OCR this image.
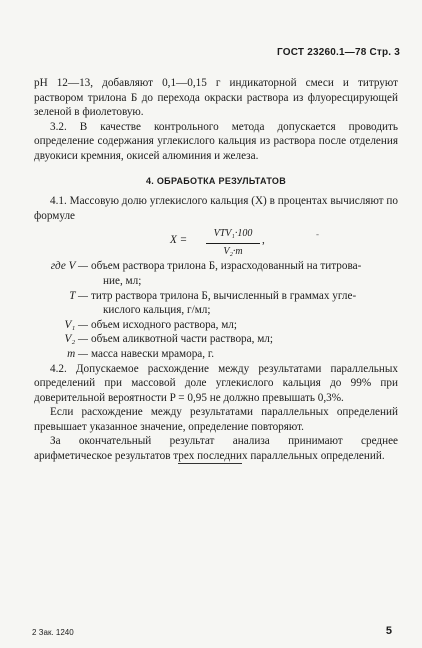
ГОСТ 23260.1—78 Стр. 3

рН 12—13, добавляют 0,1—0,15 г индикаторной смеси и титруют раствором трилона Б до перехода окраски раствора из флуоресцирующей зеленой в фиолетовую.

3.2. В качестве контрольного метода допускается проводить определение содержания углекислого кальция из раствора после отделения двуокиси кремния, окисей алюминия и железа.

4. ОБРАБОТКА РЕЗУЛЬТАТОВ

4.1. Массовую долю углекислого кальция (X) в процентах вычисляют по формуле

X =
VTV₁·100
V₂·m
,	-
где V — объем раствора трилона Б, израсходованный на титрова-
ние, мл;
T — титр раствора трилона Б, вычисленный в граммах угле-
кислого кальция, г/мл;
V₁ — объем исходного раствора, мл;
V₂ — объем аликвотной части раствора, мл;
m — масса навески мрамора, г.

4.2. Допускаемое расхождение между результатами параллельных определений при массовой доле углекислого кальция до 99% при доверительной вероятности P = 0,95 не должно превышать 0,3%.

Если расхождение между результатами параллельных определений превышает указанное значение, определение повторяют.

За окончательный результат анализа принимают среднее арифметическое результатов трех последних параллельных определений.

2 Зак. 1240	5
